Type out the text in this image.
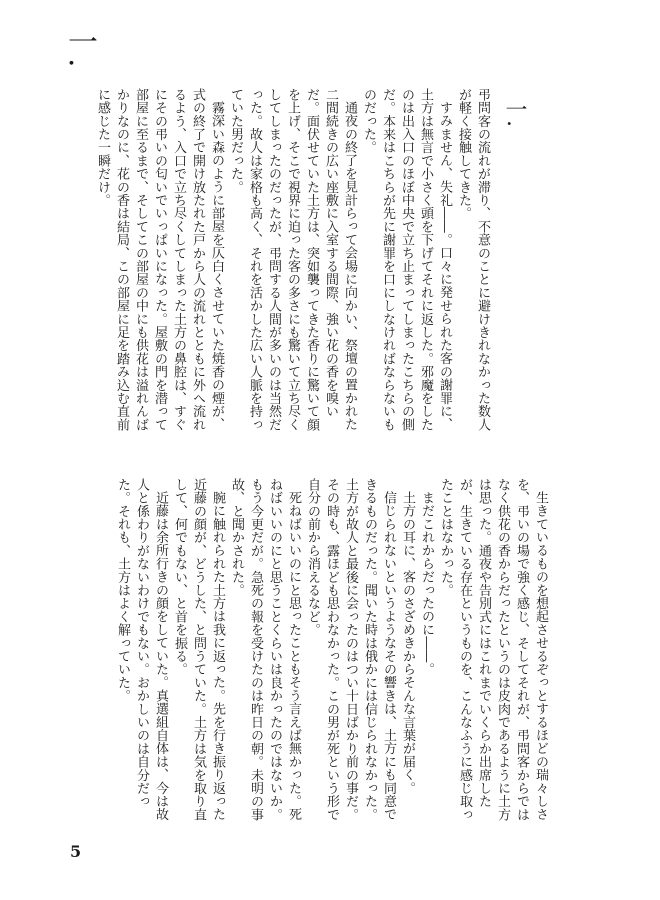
一.
一.

弔問客の流れが滞り、不意のことに避けきれなかった数人が軽く接触してきた。

すみません、失礼――。口々に発せられた客の謝罪に、土方は無言で小さく頭を下げてそれに返した。邪魔をしたのは出入口のほぼ中央で立ち止まってしまったこちらの側だ。本来はこちらが先に謝罪を口にしなければならないものだった。

通夜の終了を見計らって会場に向かい、祭壇の置かれた二間続きの広い座敷に入室する間際、強い花の香を嗅いだ。面伏せていた土方は、突如襲ってきた香りに驚いて顔を上げ、そこで視界に迫った客の多さにも驚いて立ち尽くしてしまったのだったが、弔問する人間が多いのは当然だった。故人は家格も高く、それを活かした広い人脈を持っていた男だった。

霧深い森のように部屋を仄白くさせていた焼香の煙が、式の終了で開け放たれた戸から人の流れとともに外へ流れるよう、入口で立ち尽くしてしまった土方の鼻腔は、すぐにその弔いの匂いでいっぱいになった。屋敷の門を潜って部屋に至るまで、そしてこの部屋の中にも供花は溢れんばかりなのに、花の香は結局、この部屋に足を踏み込む直前に感じた一瞬だけ。

生きているものを想起させるぞっとするほどの瑞々しさを、弔いの場で強く感じ、そしてそれが、弔問客からではなく供花の香からだったというのは皮肉であるように土方は思った。通夜や告別式にはこれまでいくらか出席したが、生きている存在というものを、こんなふうに感じ取ったことはなかった。

まだこれからだったのに――。

土方の耳に、客のさざめきからそんな言葉が届く。

信じられないというようなその響きは、土方にも同意できるものだった。聞いた時は俄かには信じられなかった。土方が故人と最後に会ったのはつい十日ばかり前の事だ。その時も、露ほども思わなかった。この男が死という形で自分の前から消えるなど。

死ねばいいのにと思ったこともそう言えば無かった。死ねばいいのにと思うことくらいは良かったのではないか。もう今更だが。急死の報を受けたのは昨日の朝。未明の事故、と聞かされた。

腕に触れられた土方は我に返った。先を行き振り返った近藤の顔が、どうした、と問うていた。土方は気を取り直して、何でもない、と首を振る。

近藤は余所行きの顔をしていた。真選組自体は、今は故人と係わりがないわけでもない。おかしいのは自分だった。それも、土方はよく解っていた。

5
